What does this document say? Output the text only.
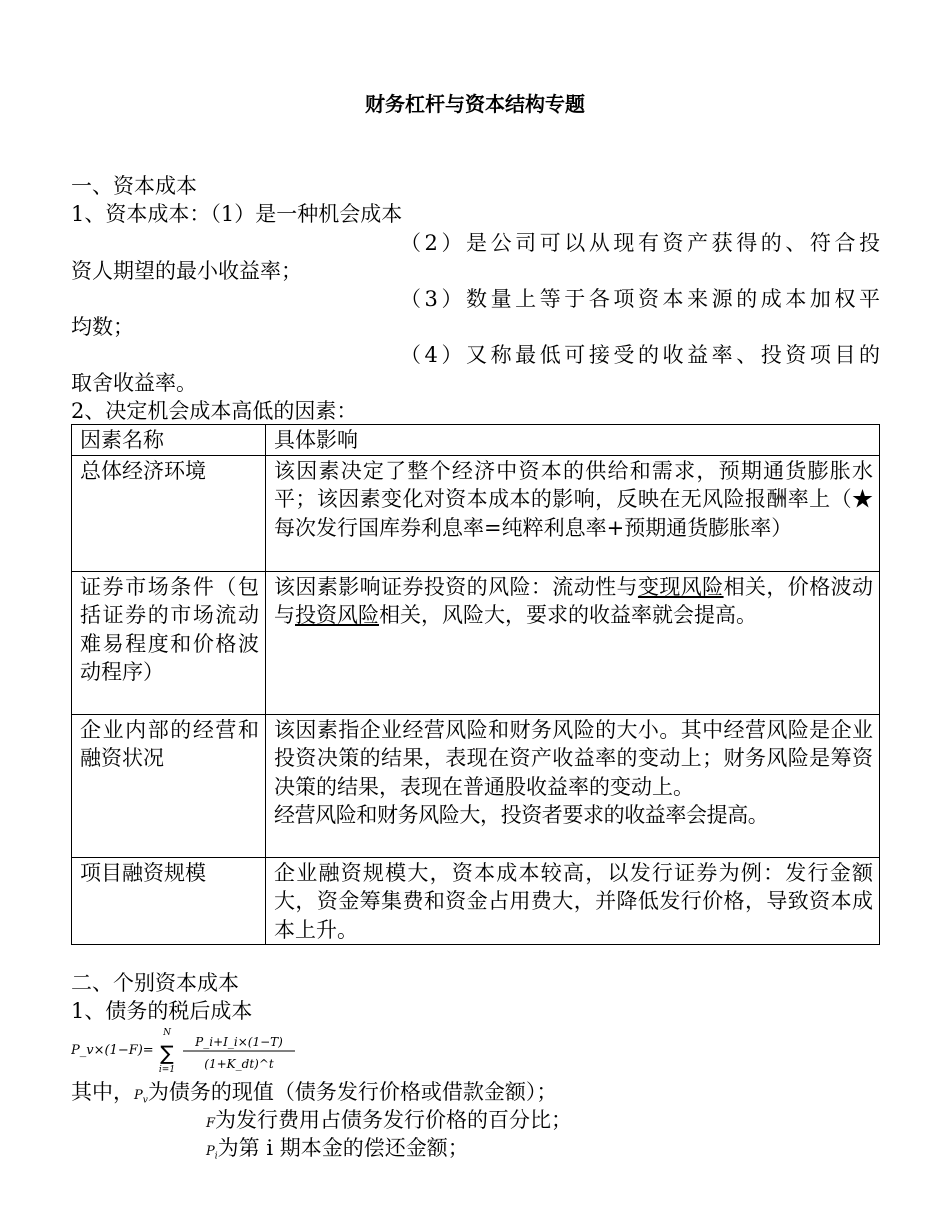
财务杠杆与资本结构专题
一、资本成本
1、资本成本：（1）是一种机会成本
（2）是公司可以从现有资产获得的、符合投
资人期望的最小收益率；
（3）数量上等于各项资本来源的成本加权平
均数；
（4）又称最低可接受的收益率、投资项目的
取舍收益率。
2、决定机会成本高低的因素：
因素名称	具体影响
总体经济环境	该因素决定了整个经济中资本的供给和需求，预期通货膨胀水平；该因素变化对资本成本的影响，反映在无风险报酬率上（★每次发行国库券利息率=纯粹利息率+预期通货膨胀率）
证券市场条件（包括证券的市场流动难易程度和价格波动程序）	该因素影响证券投资的风险：流动性与变现风险相关，价格波动与投资风险相关，风险大，要求的收益率就会提高。
企业内部的经营和融资状况	该因素指企业经营风险和财务风险的大小。其中经营风险是企业投资决策的结果，表现在资产收益率的变动上；财务风险是筹资决策的结果，表现在普通股收益率的变动上。
经营风险和财务风险大，投资者要求的收益率会提高。

项目融资规模	企业融资规模大，资本成本较高，以发行证券为例：发行金额大，资金筹集费和资金占用费大，并降低发行价格，导致资本成本上升。
二、个别资本成本
1、债务的税后成本
P_v×(1−F)=
N
∑
i=1
P_i+I_i×(1−T)
(1+K_dt)^t
其中，$P_v$为债务的现值（债务发行价格或借款金额）；
F为发行费用占债务发行价格的百分比；
$P_i$为第 i 期本金的偿还金额；
